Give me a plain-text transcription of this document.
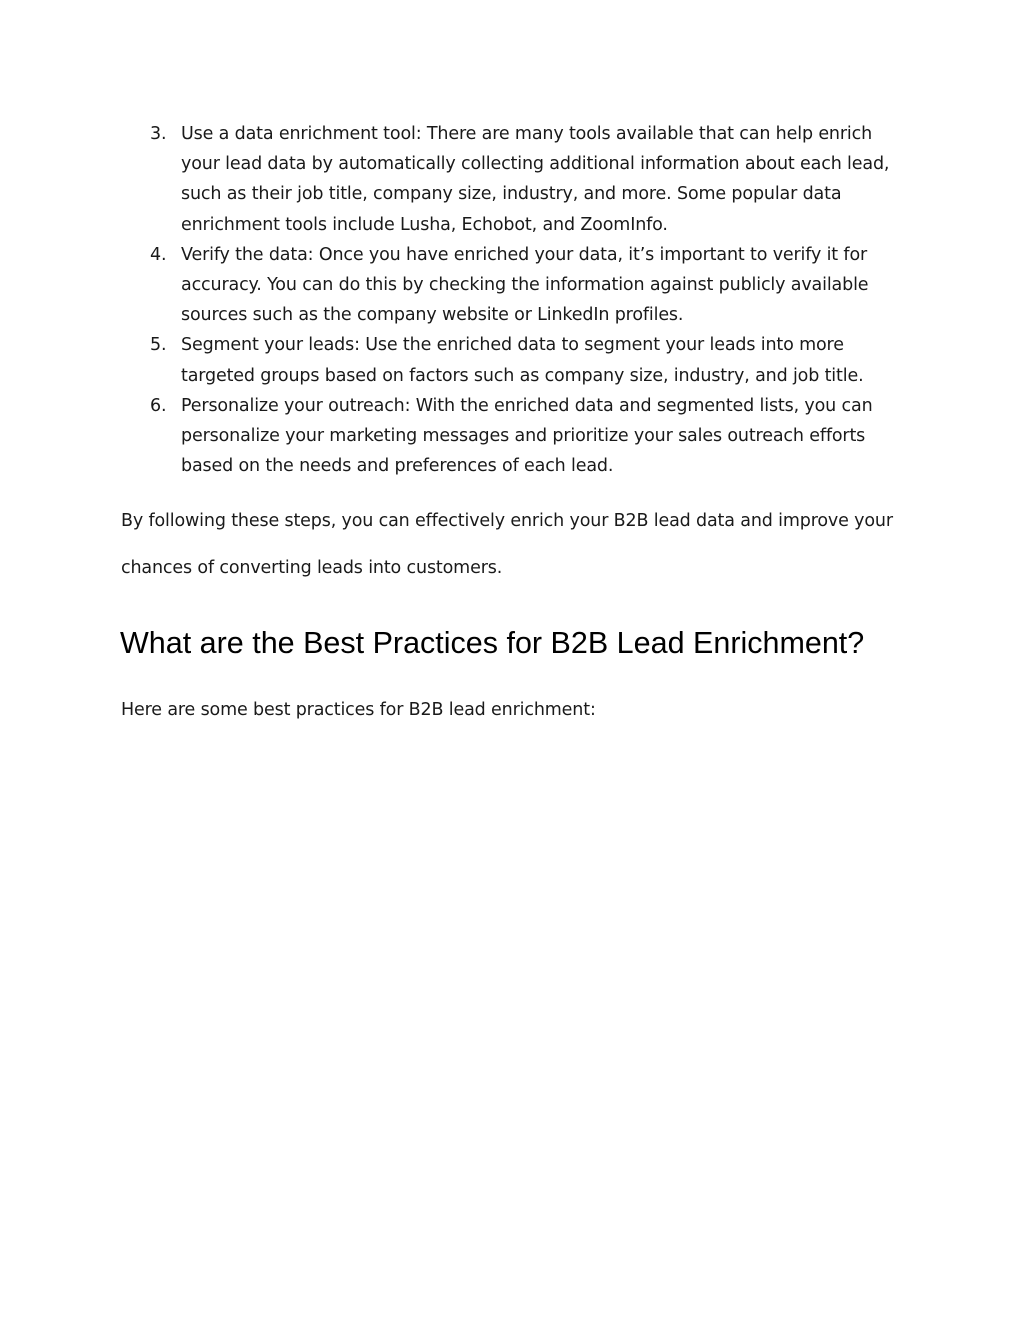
3. Use a data enrichment tool: There are many tools available that can help enrich your lead data by automatically collecting additional information about each lead, such as their job title, company size, industry, and more. Some popular data enrichment tools include Lusha, Echobot, and ZoomInfo.
4. Verify the data: Once you have enriched your data, it’s important to verify it for accuracy. You can do this by checking the information against publicly available sources such as the company website or LinkedIn profiles.
5. Segment your leads: Use the enriched data to segment your leads into more targeted groups based on factors such as company size, industry, and job title.
6. Personalize your outreach: With the enriched data and segmented lists, you can personalize your marketing messages and prioritize your sales outreach efforts based on the needs and preferences of each lead.

By following these steps, you can effectively enrich your B2B lead data and improve your chances of converting leads into customers.

What are the Best Practices for B2B Lead Enrichment?

Here are some best practices for B2B lead enrichment:
